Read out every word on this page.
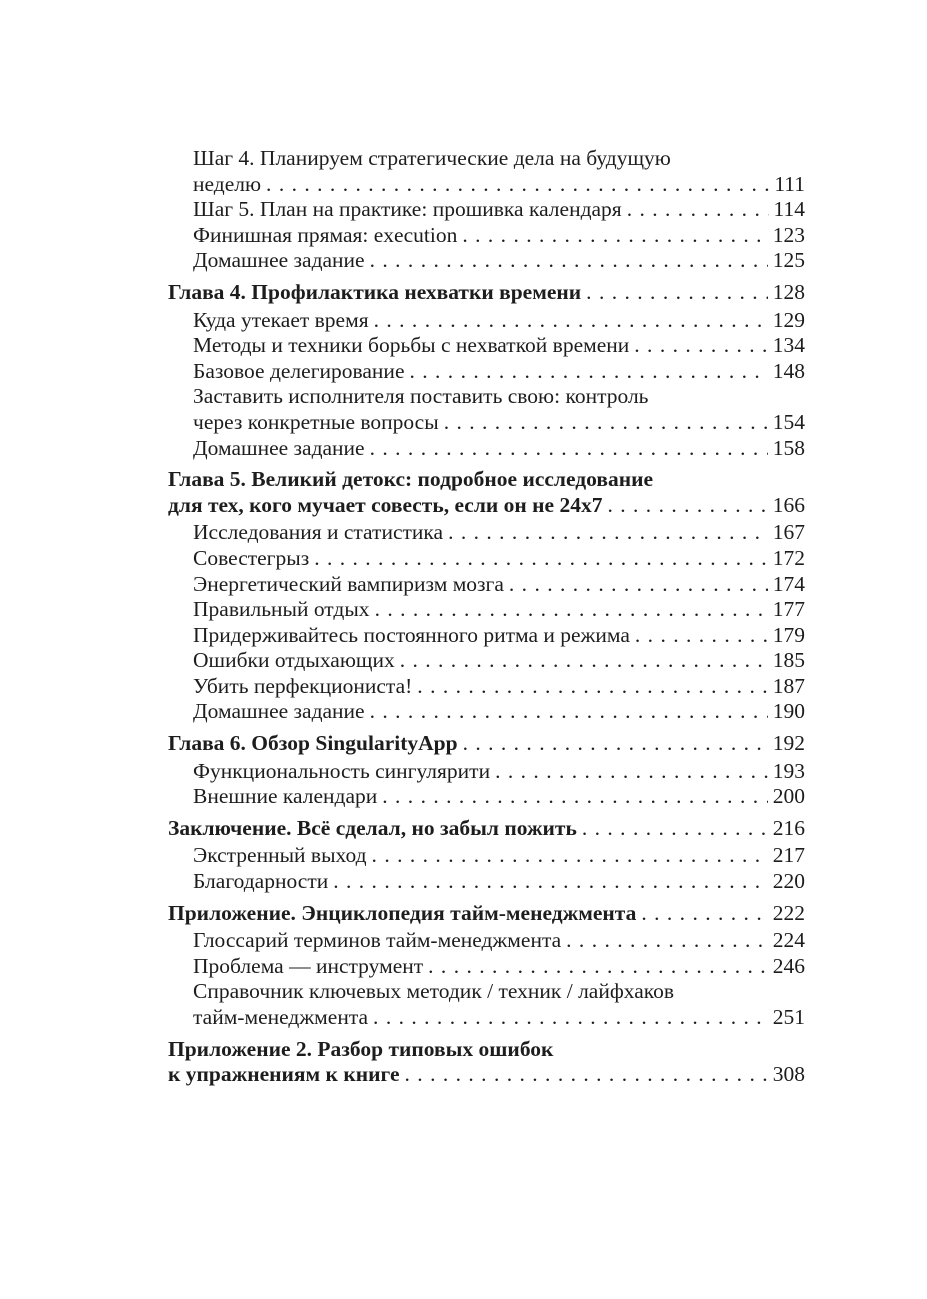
Шаг 4. Планируем стратегические дела на будущую
неделю .....	111
Шаг 5. План на практике: прошивка календаря .....	114
Финишная прямая: execution .....	123
Домашнее задание .....	125
Глава 4. Профилактика нехватки времени .....	128
Куда утекает время .....	129
Методы и техники борьбы с нехваткой времени .....	134
Базовое делегирование .....	148
Заставить исполнителя поставить свою: контроль
через конкретные вопросы .....	154
Домашнее задание .....	158
Глава 5. Великий детокс: подробное исследование
для тех, кого мучает совесть, если он не 24x7 .....	166
Исследования и статистика .....	167
Совестегрыз .....	172
Энергетический вампиризм мозга .....	174
Правильный отдых .....	177
Придерживайтесь постоянного ритма и режима .....	179
Ошибки отдыхающих .....	185
Убить перфекциониста! .....	187
Домашнее задание .....	190
Глава 6. Обзор SingularityApp .....	192
Функциональность сингулярити .....	193
Внешние календари .....	200
Заключение. Всё сделал, но забыл пожить .....	216
Экстренный выход .....	217
Благодарности .....	220
Приложение. Энциклопедия тайм-менеджмента .....	222
Глоссарий терминов тайм-менеджмента .....	224
Проблема — инструмент .....	246
Справочник ключевых методик / техник / лайфхаков
тайм-менеджмента .....	251
Приложение 2. Разбор типовых ошибок
к упражнениям к книге .....	308
